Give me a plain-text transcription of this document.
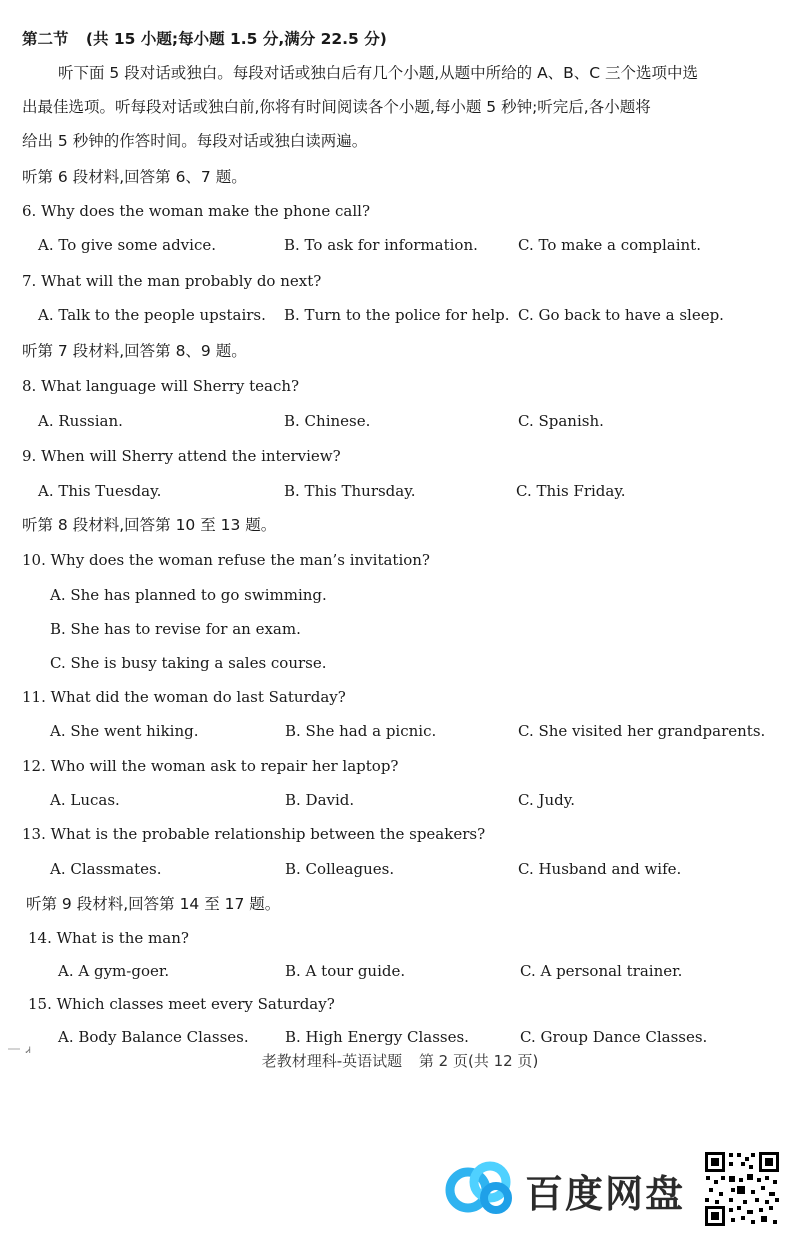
第二节 (共 15 小题;每小题 1.5 分,满分 22.5 分)
听下面 5 段对话或独白。每段对话或独白后有几个小题,从题中所给的 A、B、C 三个选项中选
出最佳选项。听每段对话或独白前,你将有时间阅读各个小题,每小题 5 秒钟;听完后,各小题将
给出 5 秒钟的作答时间。每段对话或独白读两遍。
听第 6 段材料,回答第 6、7 题。
6. Why does the woman make the phone call?
A. To give some advice.	B. To ask for information.	C. To make a complaint.
7. What will the man probably do next?
A. Talk to the people upstairs. B. Turn to the police for help. C. Go back to have a sleep.
听第 7 段材料,回答第 8、9 题。
8. What language will Sherry teach?
A. Russian.	B. Chinese.	C. Spanish.
9. When will Sherry attend the interview?
A. This Tuesday.	B. This Thursday.	C. This Friday.
听第 8 段材料,回答第 10 至 13 题。
10. Why does the woman refuse the man’s invitation?
A. She has planned to go swimming.
B. She has to revise for an exam.
C. She is busy taking a sales course.
11. What did the woman do last Saturday?
A. She went hiking.	B. She had a picnic.	C. She visited her grandparents.
12. Who will the woman ask to repair her laptop?
A. Lucas.	B. David.	C. Judy.
13. What is the probable relationship between the speakers?
A. Classmates.	B. Colleagues.	C. Husband and wife.
听第 9 段材料,回答第 14 至 17 题。
14. What is the man?
A. A gym-goer.	B. A tour guide.	C. A personal trainer.
15. Which classes meet every Saturday?
A. Body Balance Classes. B. High Energy Classes.	C. Group Dance Classes.
Ꮧ
老教材理科-英语试题 第 2 页(共 12 页)
百度网盘
